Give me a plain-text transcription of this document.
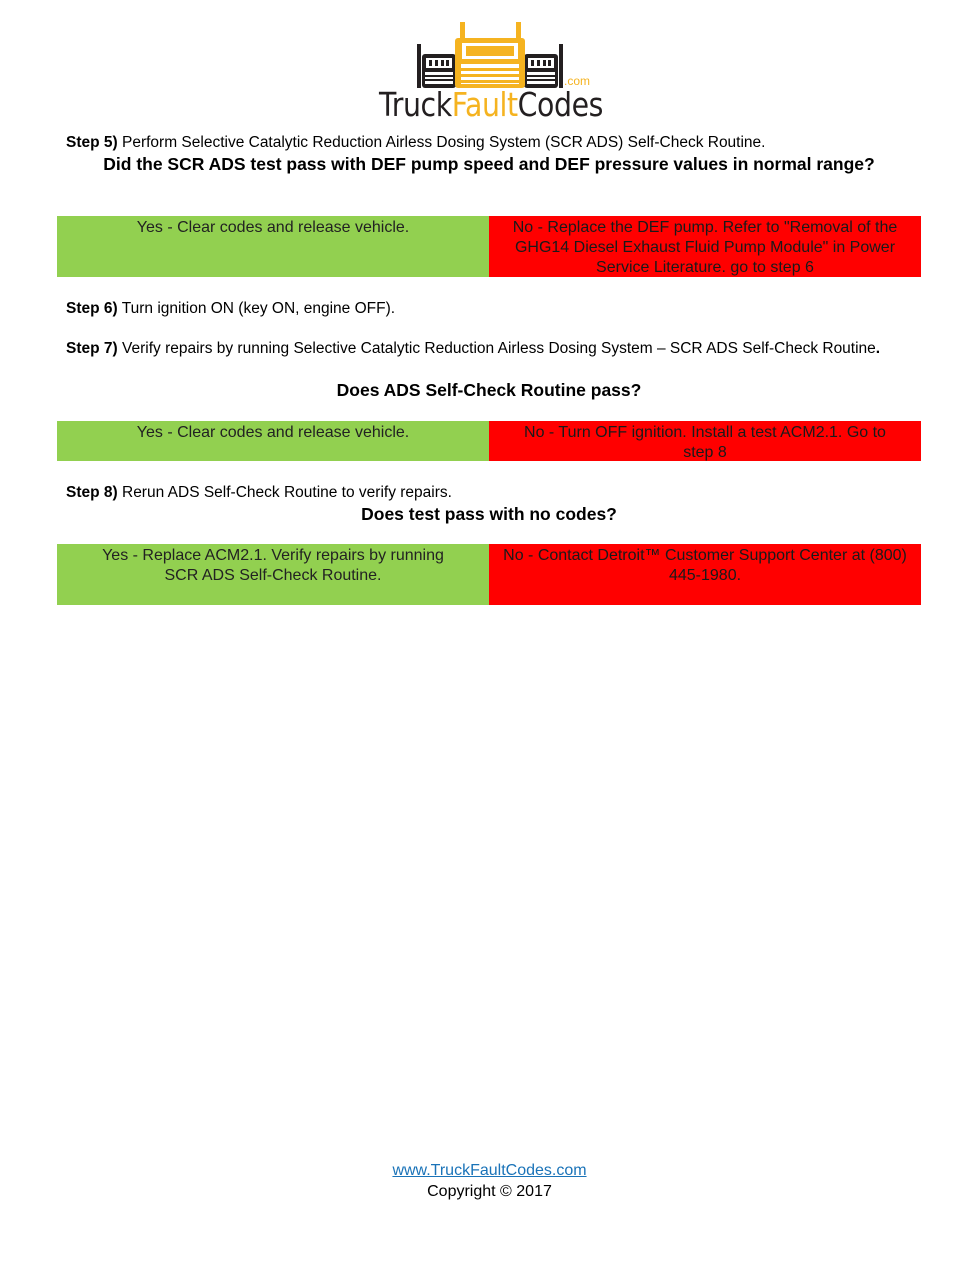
.com
TruckFaultCodes
Step 5) Perform Selective Catalytic Reduction Airless Dosing System (SCR ADS) Self-Check Routine.
Did the SCR ADS test pass with DEF pump speed and DEF pressure values in normal range?
Yes - Clear codes and release vehicle.	No - Replace the DEF pump. Refer to "Removal of the GHG14 Diesel Exhaust Fluid Pump Module" in Power Service Literature. go to step 6
Step 6) Turn ignition ON (key ON, engine OFF).
Step 7) Verify repairs by running Selective Catalytic Reduction Airless Dosing System – SCR ADS Self-Check Routine.
Does ADS Self-Check Routine pass?
Yes - Clear codes and release vehicle.	No - Turn OFF ignition. Install a test ACM2.1. Go to step 8
Step 8) Rerun ADS Self-Check Routine to verify repairs.
Does test pass with no codes?
Yes - Replace ACM2.1. Verify repairs by running SCR ADS Self-Check Routine.
No - Contact Detroit™ Customer Support Center at (800) 445-1980.
www.TruckFaultCodes.com
Copyright © 2017
